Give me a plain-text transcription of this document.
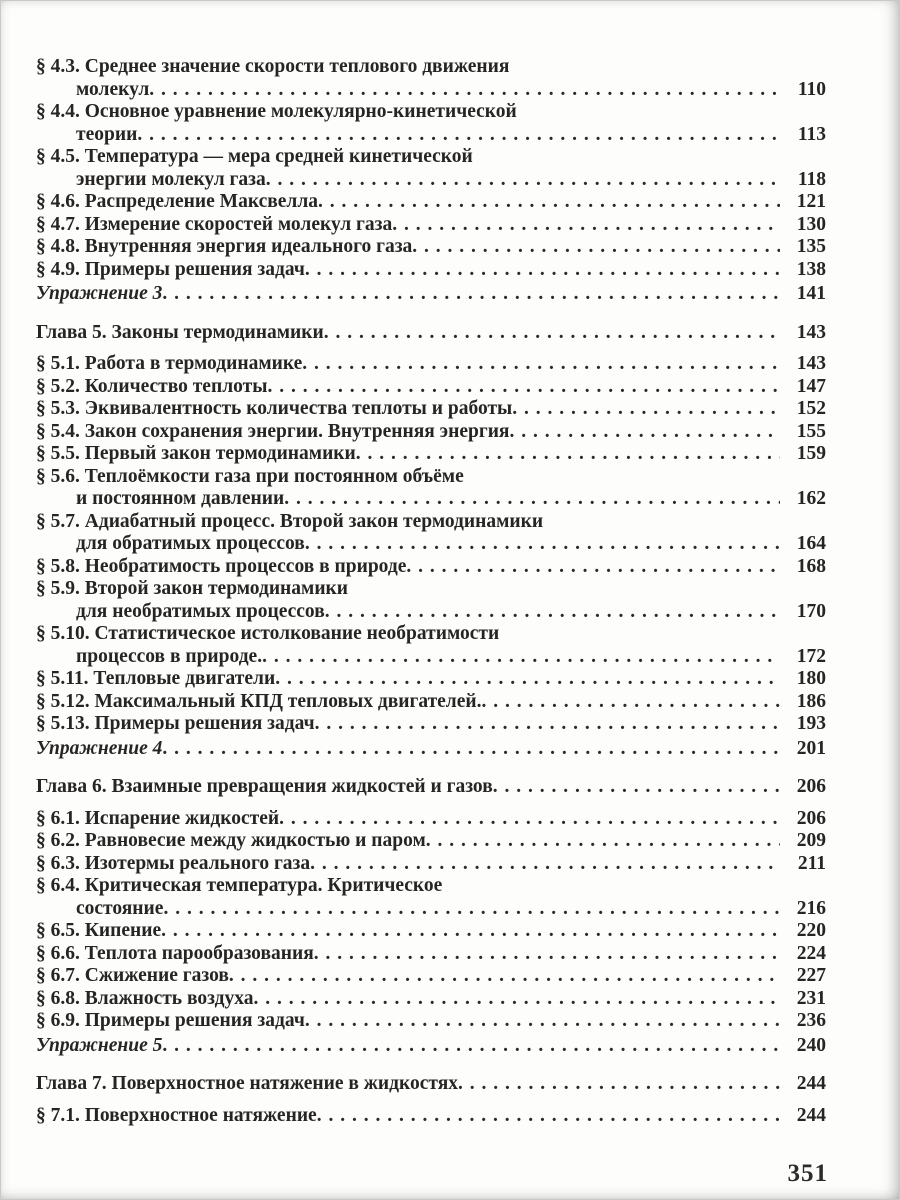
§ 4.3. Среднее значение скорости теплового движения
молекул . . .	110
§ 4.4. Основное уравнение молекулярно-кинетической
теории . . .	113
§ 4.5. Температура — мера средней кинетической
энергии молекул газа . . .	118
§ 4.6. Распределение Максвелла . . .	121
§ 4.7. Измерение скоростей молекул газа . . .	130
§ 4.8. Внутренняя энергия идеального газа . . .	135
§ 4.9. Примеры решения задач . . .	138
Упражнение 3 . . .	141
Глава 5. Законы термодинамики . . .	143
§ 5.1. Работа в термодинамике . . .	143
§ 5.2. Количество теплоты . . .	147
§ 5.3. Эквивалентность количества теплоты и работы . . .	152
§ 5.4. Закон сохранения энергии. Внутренняя энергия . . .	155
§ 5.5. Первый закон термодинамики . . .	159
§ 5.6. Теплоёмкости газа при постоянном объёме
и постоянном давлении . . .	162
§ 5.7. Адиабатный процесс. Второй закон термодинамики
для обратимых процессов . . .	164
§ 5.8. Необратимость процессов в природе . . .	168
§ 5.9. Второй закон термодинамики
для необратимых процессов . . .	170
§ 5.10. Статистическое истолкование необратимости
процессов в природе. . . .	172
§ 5.11. Тепловые двигатели . . .	180
§ 5.12. Максимальный КПД тепловых двигателей. . . .	186
§ 5.13. Примеры решения задач . . .	193
Упражнение 4 . . .	201
Глава 6. Взаимные превращения жидкостей и газов . . .	206
§ 6.1. Испарение жидкостей . . .	206
§ 6.2. Равновесие между жидкостью и паром . . .	209
§ 6.3. Изотермы реального газа . . .	211
§ 6.4. Критическая температура. Критическое
состояние . . .	216
§ 6.5. Кипение . . .	220
§ 6.6. Теплота парообразования . . .	224
§ 6.7. Сжижение газов . . .	227
§ 6.8. Влажность воздуха . . .	231
§ 6.9. Примеры решения задач . . .	236
Упражнение 5 . . .	240
Глава 7. Поверхностное натяжение в жидкостях . . .	244
§ 7.1. Поверхностное натяжение . . .	244
351
